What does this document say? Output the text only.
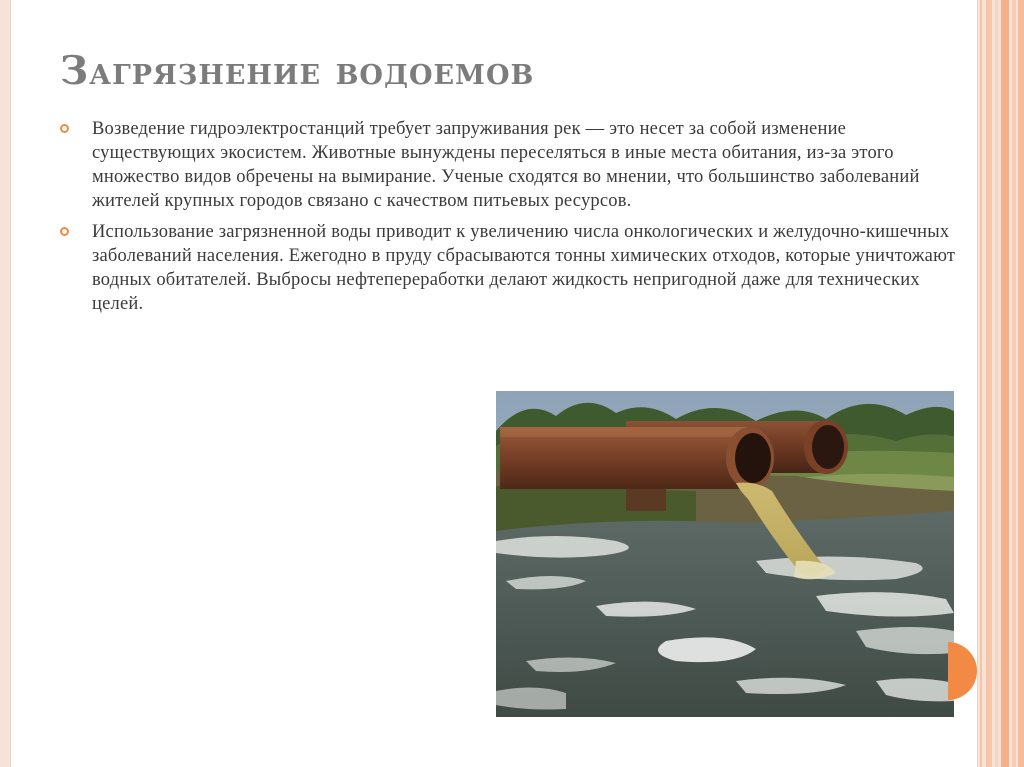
Загрязнение водоемов
Возведение гидроэлектростанций требует запруживания рек — это несет за собой изменение существующих экосистем. Животные вынуждены переселяться в иные места обитания, из-за этого множество видов обречены на вымирание. Ученые сходятся во мнении, что большинство заболеваний жителей крупных городов связано с качеством питьевых ресурсов.
Использование загрязненной воды приводит к увеличению числа онкологических и желудочно-кишечных заболеваний населения. Ежегодно в пруду сбрасываются тонны химических отходов, которые уничтожают водных обитателей. Выбросы нефтепереработки делают жидкость непригодной даже для технических целей.
